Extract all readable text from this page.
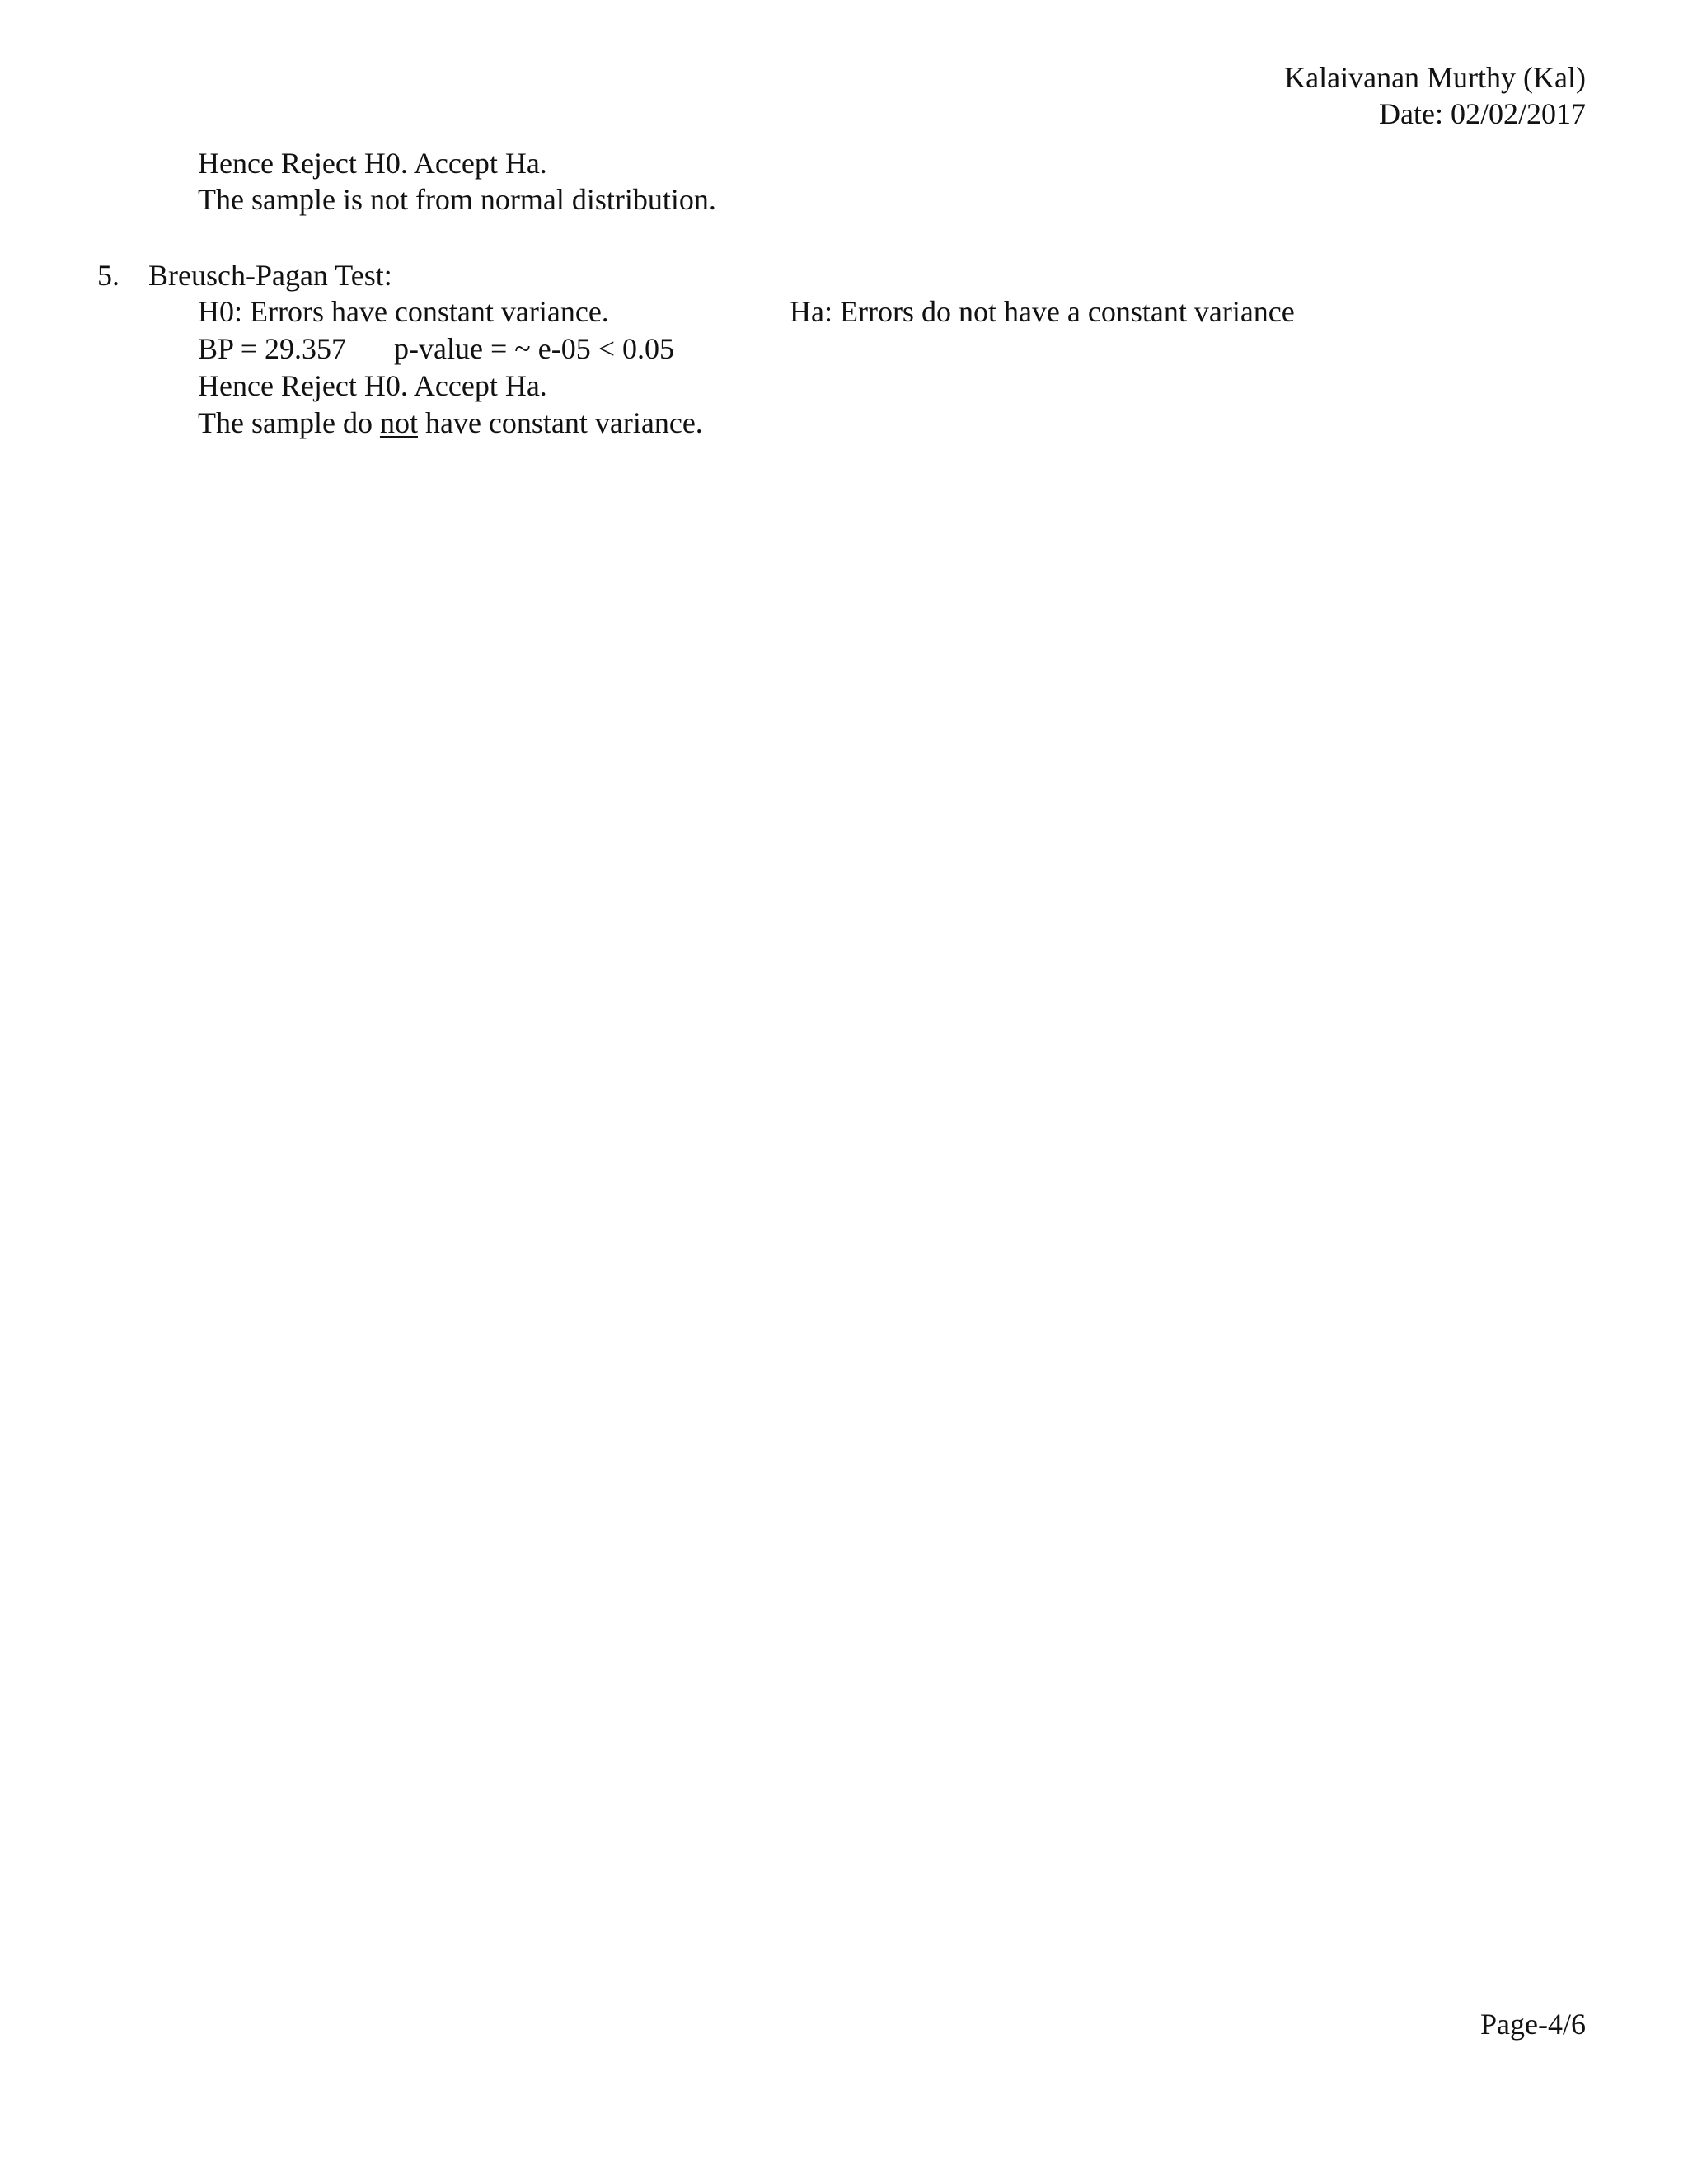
Kalaivanan Murthy (Kal)
Date: 02/02/2017
Hence Reject H0. Accept Ha.
The sample is not from normal distribution.
5. Breusch-Pagan Test:
H0: Errors have constant variance.	Ha: Errors do not have a constant variance
BP = 29.357 p-value = ~ e-05 < 0.05
Hence Reject H0. Accept Ha.
The sample do not have constant variance.
Page-4/6
